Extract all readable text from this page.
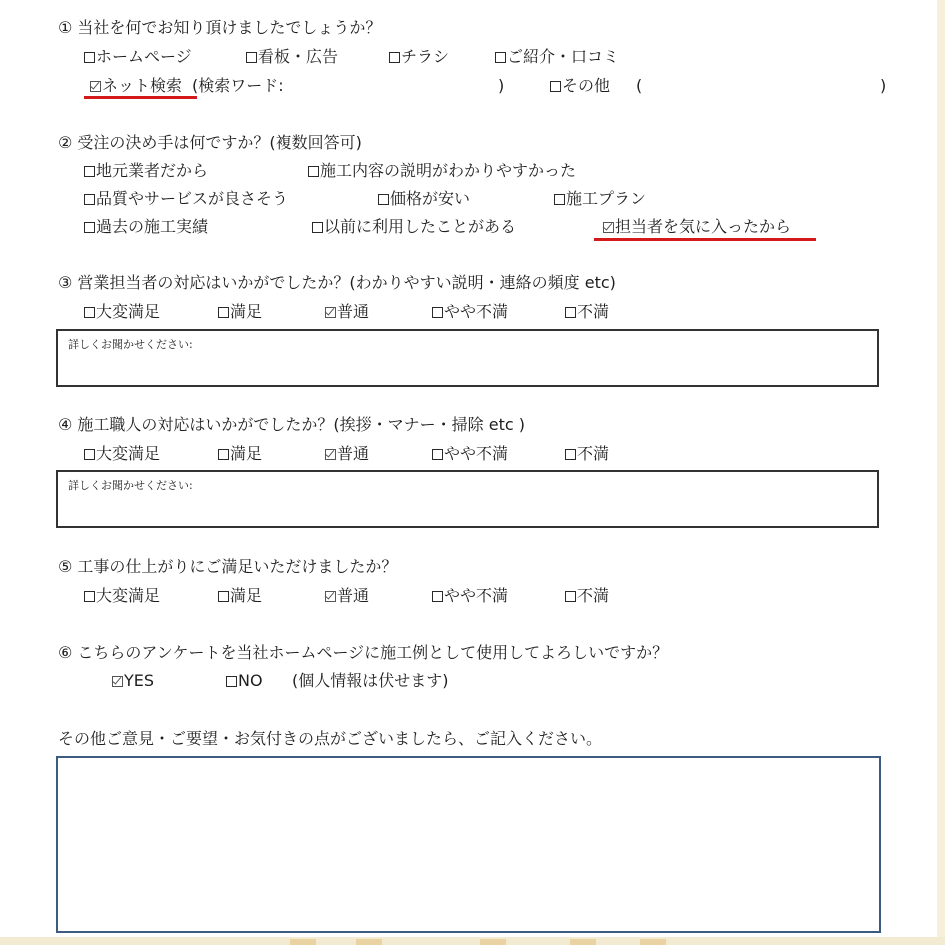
① 当社を何でお知り頂けましたでしょうか？
ホームページ	看板・広告	チラシ	ご紹介・口コミ
ネット検索 (検索ワード:	)	その他 (	)
② 受注の決め手は何ですか？(複数回答可)
地元業者だから	施工内容の説明がわかりやすかった
品質やサービスが良さそう	価格が安い	施工プラン
過去の施工実績	以前に利用したことがある	担当者を気に入ったから
③ 営業担当者の対応はいかがでしたか？(わかりやすい説明・連絡の頻度 etc)
大変満足	満足	普通	やや不満	不満
詳しくお聞かせください:
④ 施工職人の対応はいかがでしたか？(挨拶・マナー・掃除 etc )
大変満足	満足	普通	やや不満	不満
詳しくお聞かせください:
⑤ 工事の仕上がりにご満足いただけましたか？
大変満足	満足	普通	やや不満	不満
⑥ こちらのアンケートを当社ホームページに施工例として使用してよろしいですか？
YES	NO (個人情報は伏せます)
その他ご意見・ご要望・お気付きの点がございましたら、ご記入ください。
